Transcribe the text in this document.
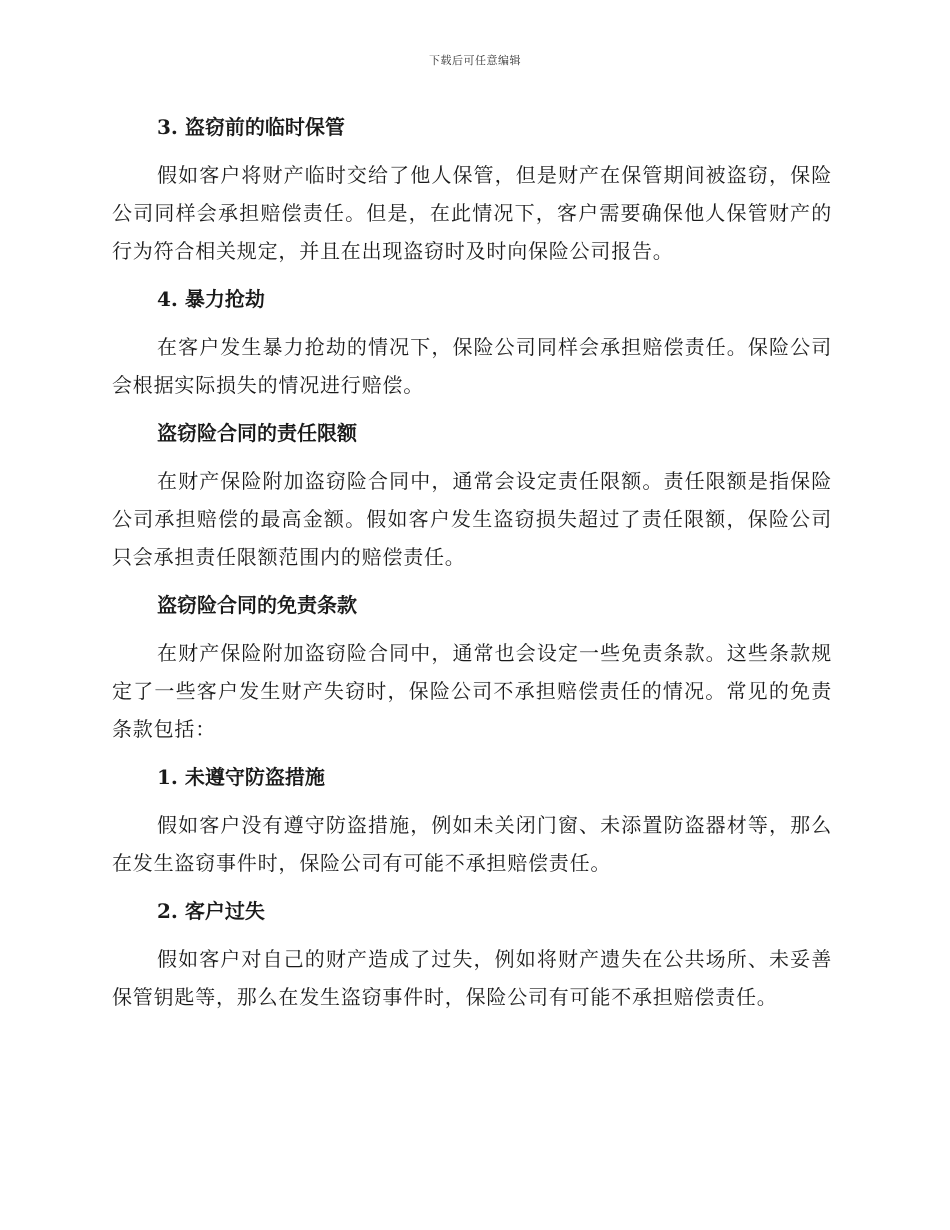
下载后可任意编辑
3. 盗窃前的临时保管

假如客户将财产临时交给了他人保管，但是财产在保管期间被盗窃，保险公司同样会承担赔偿责任。但是，在此情况下，客户需要确保他人保管财产的行为符合相关规定，并且在出现盗窃时及时向保险公司报告。

4. 暴力抢劫

在客户发生暴力抢劫的情况下，保险公司同样会承担赔偿责任。保险公司会根据实际损失的情况进行赔偿。

盗窃险合同的责任限额

在财产保险附加盗窃险合同中，通常会设定责任限额。责任限额是指保险公司承担赔偿的最高金额。假如客户发生盗窃损失超过了责任限额，保险公司只会承担责任限额范围内的赔偿责任。

盗窃险合同的免责条款

在财产保险附加盗窃险合同中，通常也会设定一些免责条款。这些条款规定了一些客户发生财产失窃时，保险公司不承担赔偿责任的情况。常见的免责条款包括：

1. 未遵守防盗措施

假如客户没有遵守防盗措施，例如未关闭门窗、未添置防盗器材等，那么在发生盗窃事件时，保险公司有可能不承担赔偿责任。

2. 客户过失

假如客户对自己的财产造成了过失，例如将财产遗失在公共场所、未妥善保管钥匙等，那么在发生盗窃事件时，保险公司有可能不承担赔偿责任。
